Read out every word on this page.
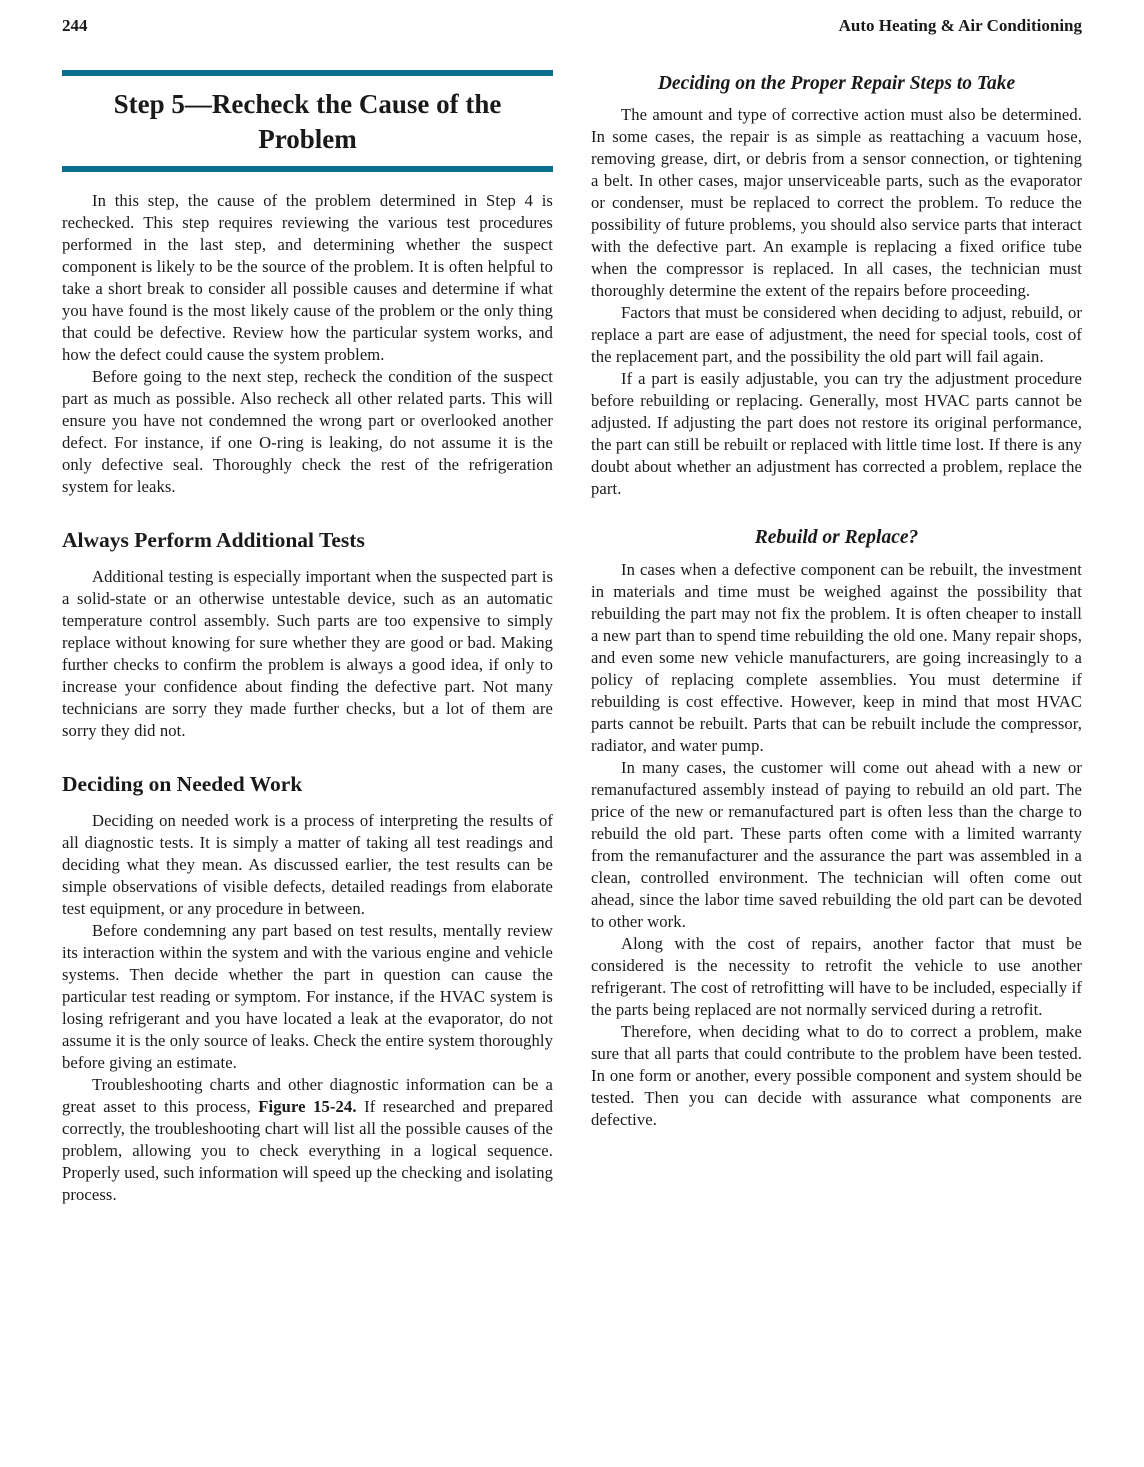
244	Auto Heating & Air Conditioning
Step 5—Recheck the Cause of the Problem

In this step, the cause of the problem determined in Step 4 is rechecked. This step requires reviewing the various test procedures performed in the last step, and determining whether the suspect component is likely to be the source of the problem. It is often helpful to take a short break to consider all possible causes and determine if what you have found is the most likely cause of the problem or the only thing that could be defective. Review how the particular system works, and how the defect could cause the system problem.

Before going to the next step, recheck the condition of the suspect part as much as possible. Also recheck all other related parts. This will ensure you have not condemned the wrong part or overlooked another defect. For instance, if one O-ring is leaking, do not assume it is the only defective seal. Thoroughly check the rest of the refrigeration system for leaks.

Always Perform Additional Tests

Additional testing is especially important when the suspected part is a solid-state or an otherwise untestable device, such as an automatic temperature control assembly. Such parts are too expensive to simply replace without knowing for sure whether they are good or bad. Making further checks to confirm the problem is always a good idea, if only to increase your confidence about finding the defective part. Not many technicians are sorry they made further checks, but a lot of them are sorry they did not.

Deciding on Needed Work

Deciding on needed work is a process of interpreting the results of all diagnostic tests. It is simply a matter of taking all test readings and deciding what they mean. As discussed earlier, the test results can be simple observations of visible defects, detailed readings from elaborate test equipment, or any procedure in between.

Before condemning any part based on test results, mentally review its interaction within the system and with the various engine and vehicle systems. Then decide whether the part in question can cause the particular test reading or symptom. For instance, if the HVAC system is losing refrigerant and you have located a leak at the evaporator, do not assume it is the only source of leaks. Check the entire system thoroughly before giving an estimate.

Troubleshooting charts and other diagnostic information can be a great asset to this process, Figure 15-24. If researched and prepared correctly, the troubleshooting chart will list all the possible causes of the problem, allowing you to check everything in a logical sequence. Properly used, such information will speed up the checking and isolating process.

Deciding on the Proper Repair Steps to Take

The amount and type of corrective action must also be determined. In some cases, the repair is as simple as reattaching a vacuum hose, removing grease, dirt, or debris from a sensor connection, or tightening a belt. In other cases, major unserviceable parts, such as the evaporator or condenser, must be replaced to correct the problem. To reduce the possibility of future problems, you should also service parts that interact with the defective part. An example is replacing a fixed orifice tube when the compressor is replaced. In all cases, the technician must thoroughly determine the extent of the repairs before proceeding.

Factors that must be considered when deciding to adjust, rebuild, or replace a part are ease of adjustment, the need for special tools, cost of the replacement part, and the possibility the old part will fail again.

If a part is easily adjustable, you can try the adjustment procedure before rebuilding or replacing. Generally, most HVAC parts cannot be adjusted. If adjusting the part does not restore its original performance, the part can still be rebuilt or replaced with little time lost. If there is any doubt about whether an adjustment has corrected a problem, replace the part.

Rebuild or Replace?

In cases when a defective component can be rebuilt, the investment in materials and time must be weighed against the possibility that rebuilding the part may not fix the problem. It is often cheaper to install a new part than to spend time rebuilding the old one. Many repair shops, and even some new vehicle manufacturers, are going increasingly to a policy of replacing complete assemblies. You must determine if rebuilding is cost effective. However, keep in mind that most HVAC parts cannot be rebuilt. Parts that can be rebuilt include the compressor, radiator, and water pump.

In many cases, the customer will come out ahead with a new or remanufactured assembly instead of paying to rebuild an old part. The price of the new or remanufactured part is often less than the charge to rebuild the old part. These parts often come with a limited warranty from the remanufacturer and the assurance the part was assembled in a clean, controlled environment. The technician will often come out ahead, since the labor time saved rebuilding the old part can be devoted to other work.

Along with the cost of repairs, another factor that must be considered is the necessity to retrofit the vehicle to use another refrigerant. The cost of retrofitting will have to be included, especially if the parts being replaced are not normally serviced during a retrofit.

Therefore, when deciding what to do to correct a problem, make sure that all parts that could contribute to the problem have been tested. In one form or another, every possible component and system should be tested. Then you can decide with assurance what components are defective.
